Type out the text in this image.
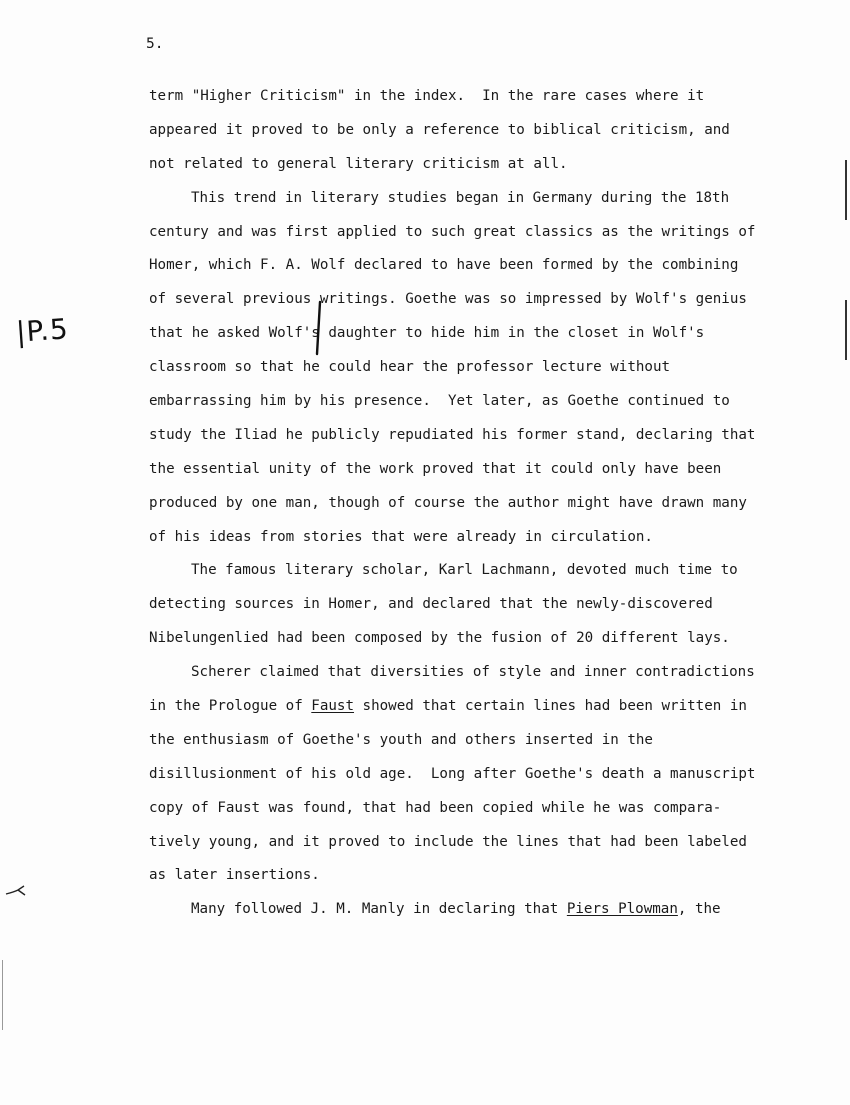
5.

|P.5

term "Higher Criticism" in the index.  In the rare cases where it
appeared it proved to be only a reference to biblical criticism, and
not related to general literary criticism at all.
This trend in literary studies began in Germany during the 18th
century and was first applied to such great classics as the writings of
Homer, which F. A. Wolf declared to have been formed by the combining
of several previous writings. Goethe was so impressed by Wolf's genius
that he asked Wolf's daughter to hide him in the closet in Wolf's
classroom so that he could hear the professor lecture without
embarrassing him by his presence.  Yet later, as Goethe continued to
study the Iliad he publicly repudiated his former stand, declaring that
the essential unity of the work proved that it could only have been
produced by one man, though of course the author might have drawn many
of his ideas from stories that were already in circulation.
The famous literary scholar, Karl Lachmann, devoted much time to
detecting sources in Homer, and declared that the newly-discovered
Nibelungenlied had been composed by the fusion of 20 different lays.
Scherer claimed that diversities of style and inner contradictions
in the Prologue of Faust showed that certain lines had been written in
the enthusiasm of Goethe's youth and others inserted in the
disillusionment of his old age.  Long after Goethe's death a manuscript
copy of Faust was found, that had been copied while he was compara-
tively young, and it proved to include the lines that had been labeled
as later insertions.
Many followed J. M. Manly in declaring that Piers Plowman, the
